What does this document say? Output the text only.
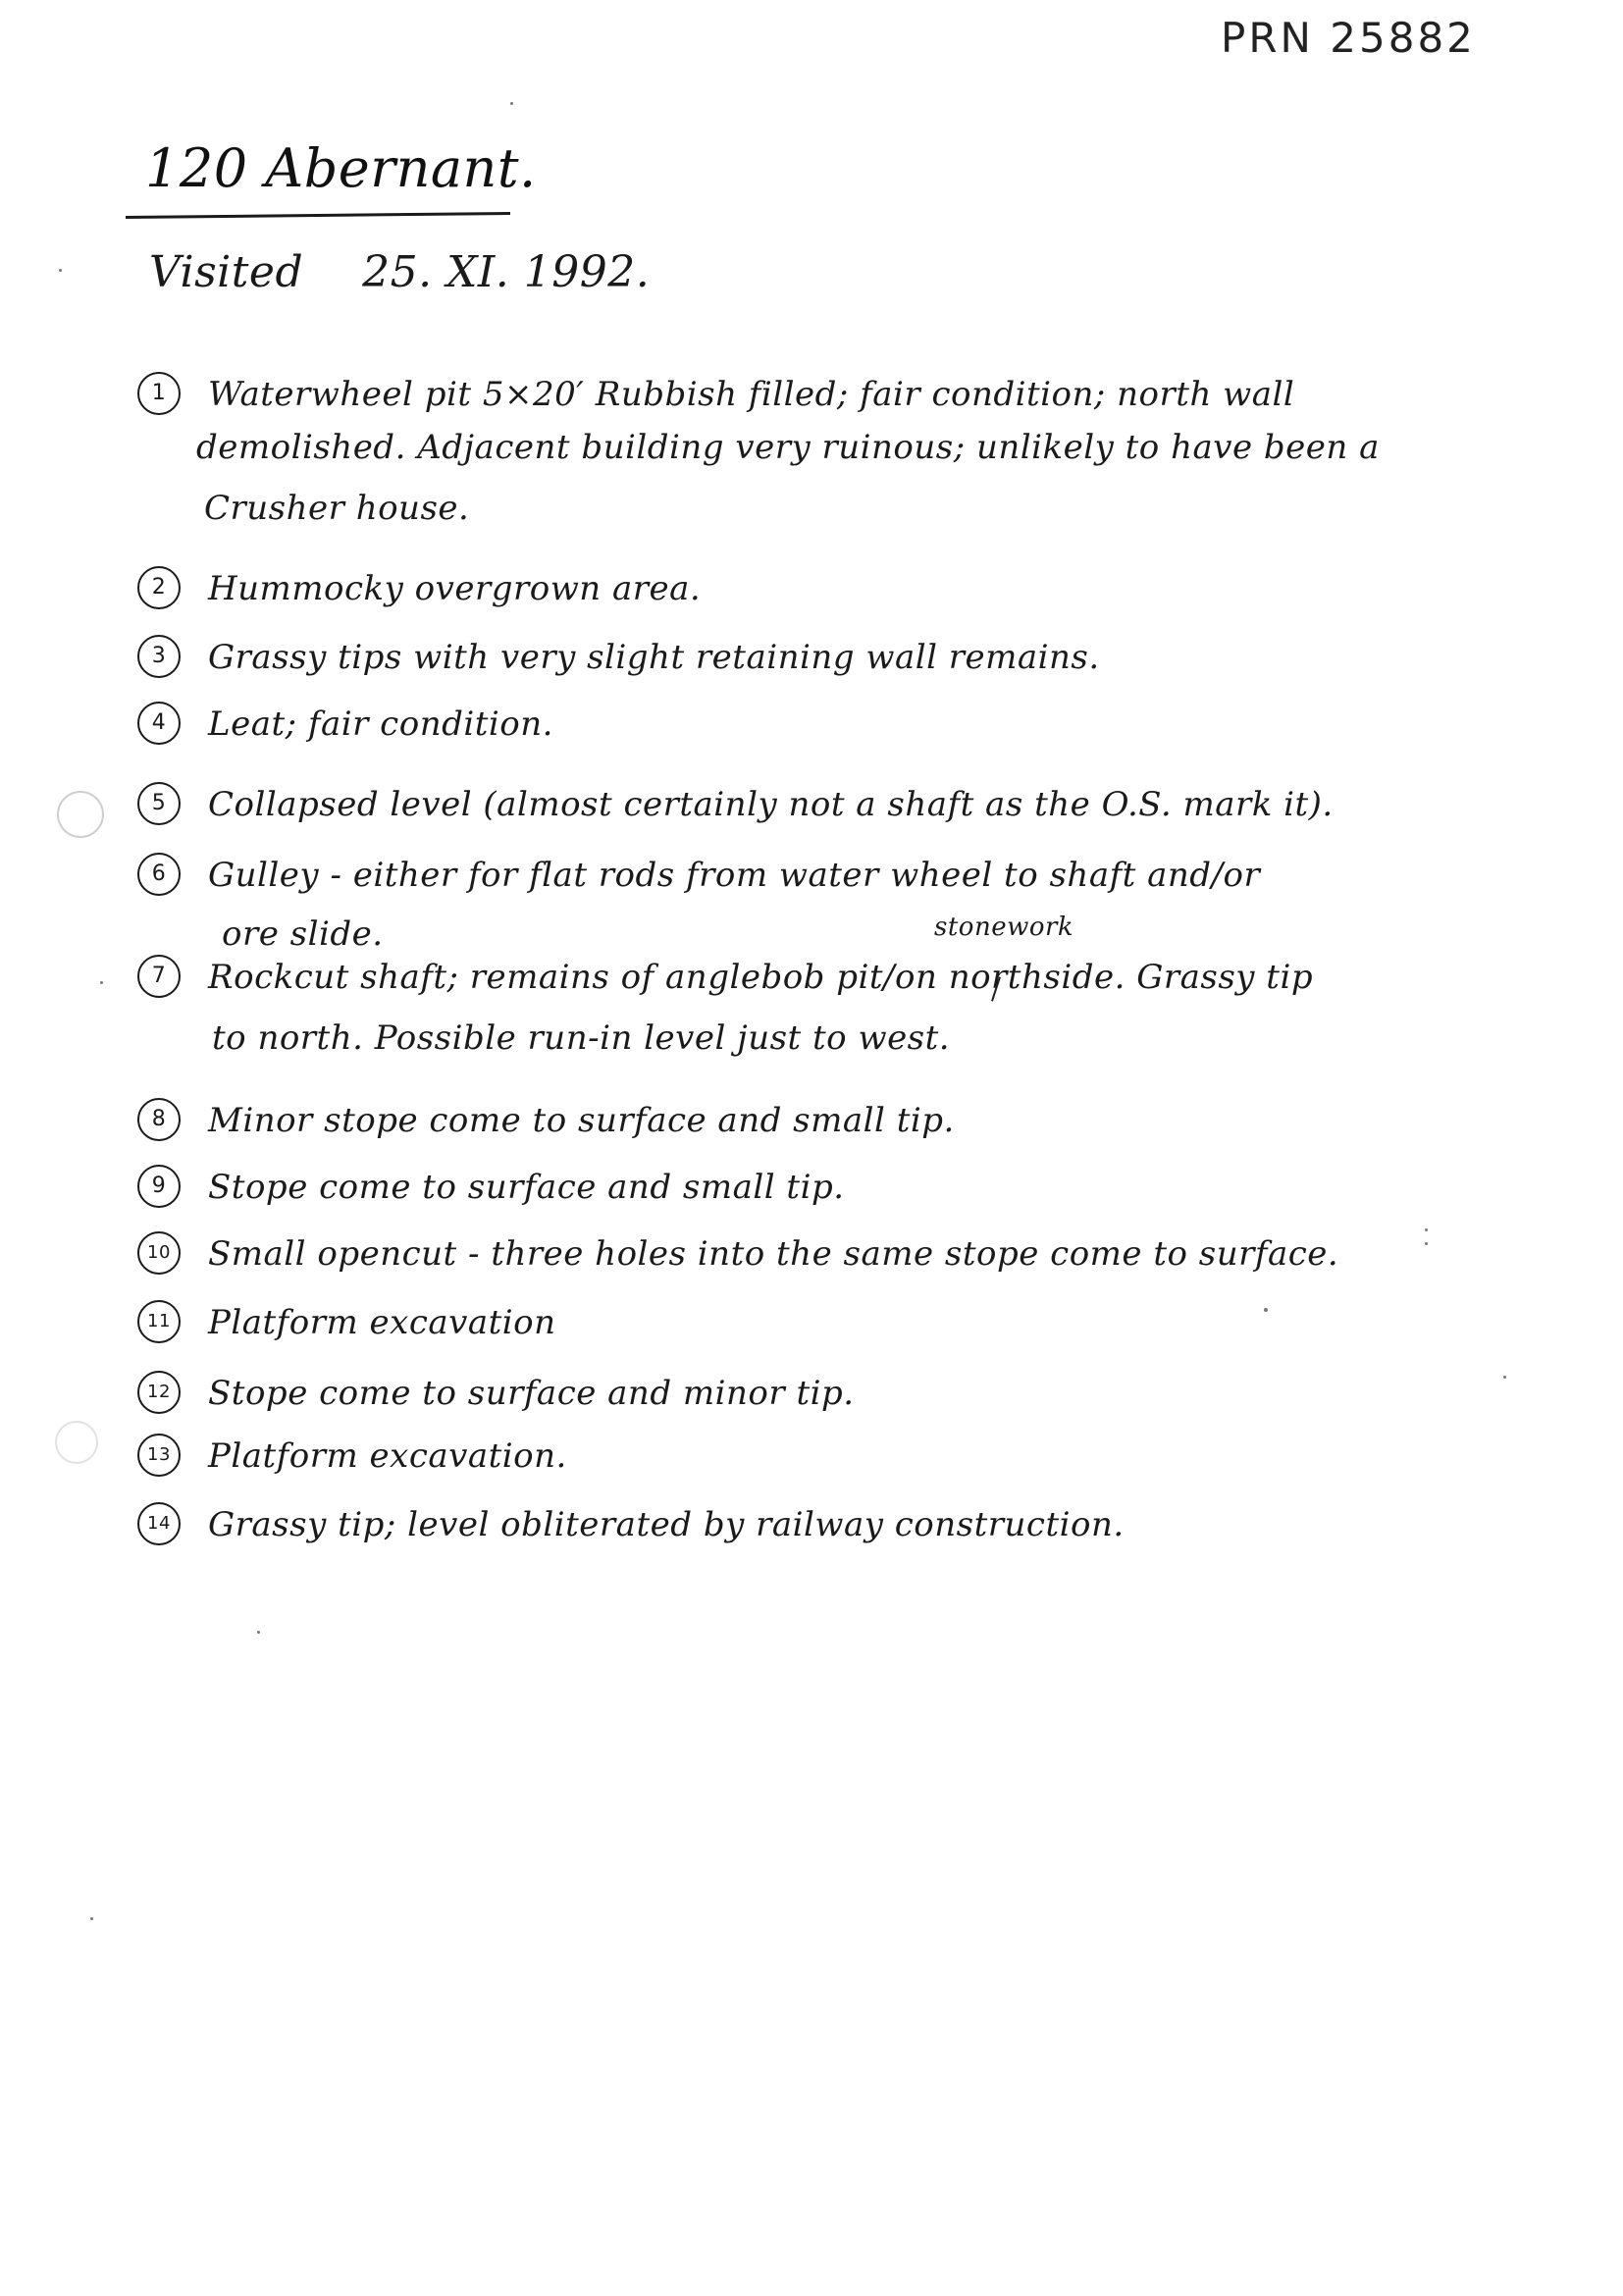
PRN 25882
120 Abernant.
Visited 25. XI. 1992.
1 Waterwheel pit 5×20′ Rubbish filled; fair condition; north wall
demolished. Adjacent building very ruinous; unlikely to have been a
Crusher house.
2 Hummocky overgrown area.
3 Grassy tips with very slight retaining wall remains.
4 Leat; fair condition.
5 Collapsed level (almost certainly not a shaft as the O.S. mark it).
6 Gulley - either for flat rods from water wheel to shaft and/or
ore slide.	stonework
7 Rockcut shaft; remains of anglebob pit/on northside. Grassy tip
to north. Possible run-in level just to west.
8 Minor stope come to surface and small tip.
9 Stope come to surface and small tip.
10 Small opencut - three holes into the same stope come to surface.
11 Platform excavation
12 Stope come to surface and minor tip.
13 Platform excavation.
14 Grassy tip; level obliterated by railway construction.
